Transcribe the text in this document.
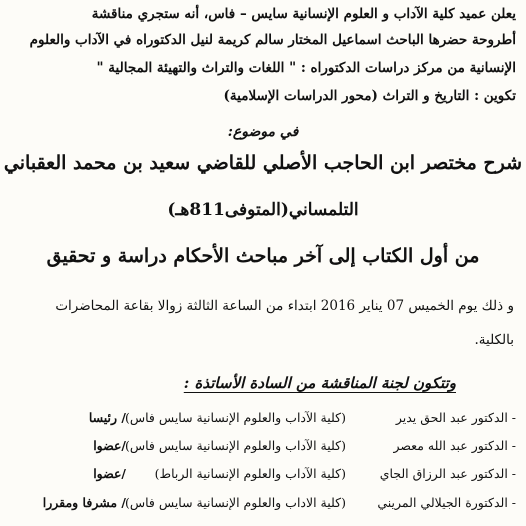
يعلن عميد كلية الآداب و العلوم الإنسانية سايس – فاس، أنه ستجري مناقشة
أطروحة حضرها الباحث اسماعيل المختار سالم كريمة لنيل الدكتوراه في الآداب والعلوم
الإنسانية من مركز دراسات الدكتوراه : " اللغات والتراث والتهيئة المجالية "
تكوين : التاريخ و التراث (محور الدراسات الإسلامية)
في موضوع:
شرح مختصر ابن الحاجب الأصلي للقاضي سعيد بن محمد العقباني
التلمساني(المتوفى811هـ)
من أول الكتاب إلى آخر مباحث الأحكام دراسة و تحقيق
و ذلك يوم الخميس 07 يناير 2016 ابتداء من الساعة الثالثة زوالا بقاعة المحاضرات
بالكلية.
وتتكون لجنة المناقشة من السادة الأساتذة :
- الدكتور عبد الحق يدير
(كلية الآداب والعلوم الإنسانية سايس فاس)
/ رئيسا
- الدكتور عبد الله معصر
(كلية الآداب والعلوم الإنسانية سايس فاس)
/عضوا
- الدكتور عبد الرزاق الجاي
(كلية الآداب والعلوم الإنسانية الرباط)
/عضوا
- الدكتورة الجيلالي المريني
(كلية الاداب والعلوم الإنسانية سايس فاس)
/ مشرفا ومقررا
